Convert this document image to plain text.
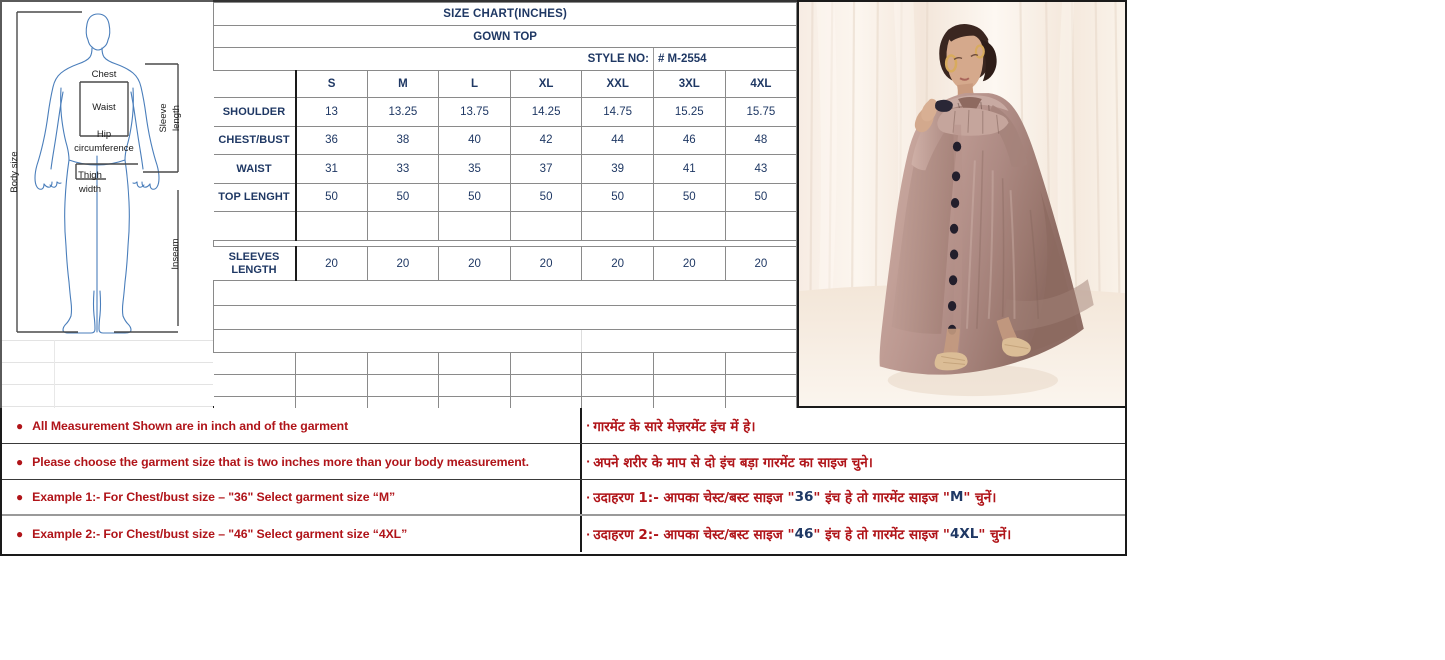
Chest
Waist
Hip
circumference
Thigh
width
Body size
Sleeve length
Inseam
SIZE CHART(INCHES)							
GOWN TOP							
STYLE NO:						# M-2554	
	S	M	L	XL	XXL	3XL	4XL
SHOULDER	13	13.25	13.75	14.25	14.75	15.25	15.75
CHEST/BUST	36	38	40	42	44	46	48
WAIST	31	33	35	37	39	41	43
TOP LENGHT	50	50	50	50	50	50	50

SLEEVES
LENGTH	20	20	20	20	20	20	20

● All Measurement Shown are in inch and of the garment	· गारमेंट के सारे मेज़रमेंट इंच में हे।
● Please choose the garment size that is two inches more than your body measurement.	· अपने शरीर के माप से दो इंच बड़ा गारमेंट का साइज चुने।
● Example 1:- For Chest/bust size – "36" Select garment size “M”	· उदाहरण 1:- आपका चेस्ट/बस्ट साइज " 36 " इंच हे तो गारमेंट साइज " M " चुनें।
● Example 2:- For Chest/bust size – "46" Select garment size “4XL”	· उदाहरण 2:- आपका चेस्ट/बस्ट साइज " 46 " इंच हे तो गारमेंट साइज " 4XL " चुनें।
